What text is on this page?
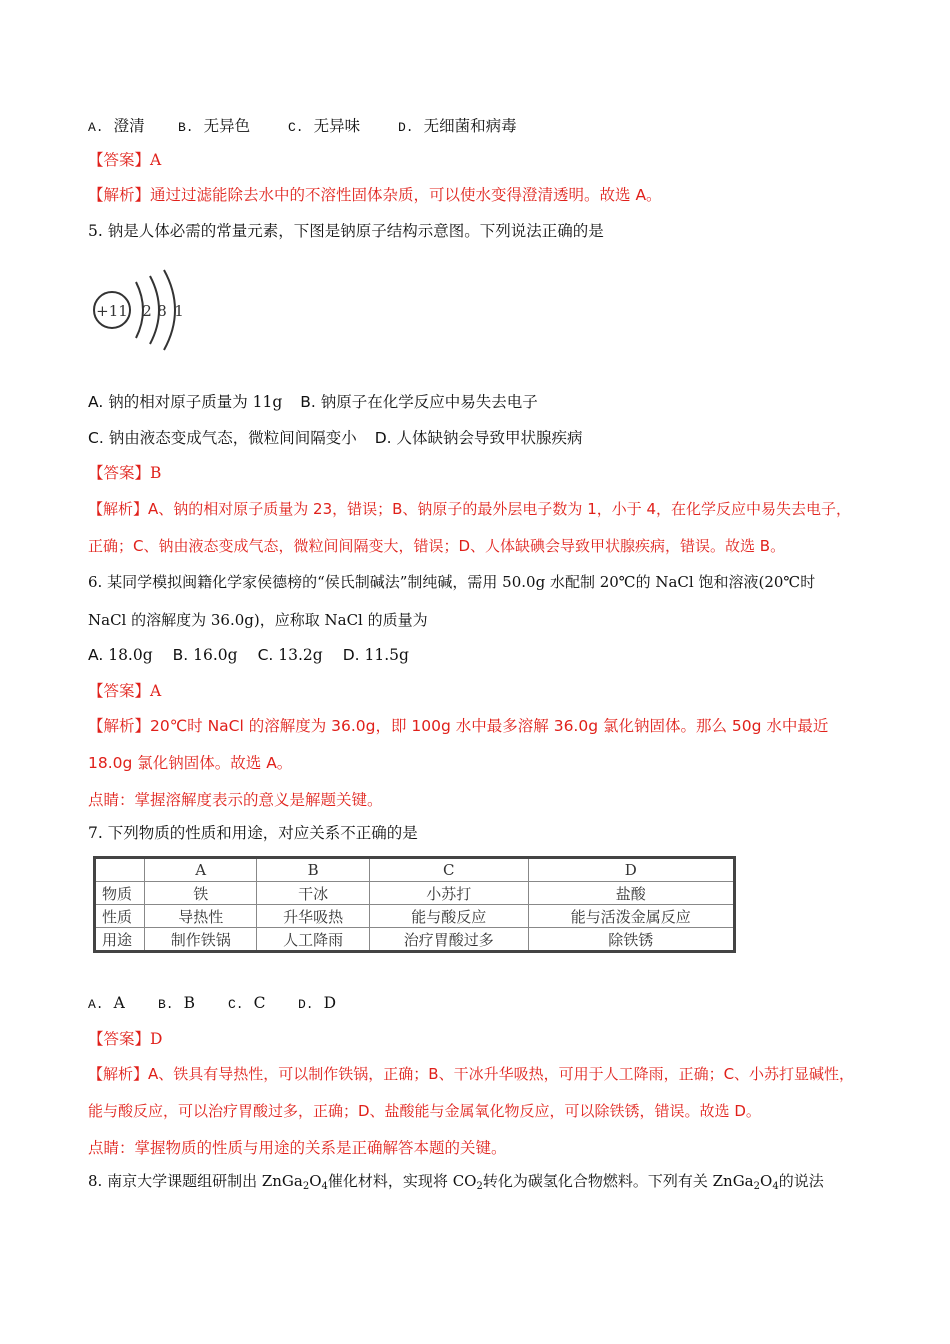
A. 澄清	B. 无异色	C. 无异味	D. 无细菌和病毒
【答案】A
【解析】通过过滤能除去水中的不溶性固体杂质，可以使水变得澄清透明。故选 A。
5. 钠是人体必需的常量元素，下图是钠原子结构示意图。下列说法正确的是
+11 2 8 1
A. 钠的相对原子质量为 11g B. 钠原子在化学反应中易失去电子
C. 钠由液态变成气态，微粒间间隔变小 D. 人体缺钠会导致甲状腺疾病
【答案】B
【解析】A、钠的相对原子质量为 23，错误；B、钠原子的最外层电子数为 1，小于 4，在化学反应中易失去电子，
正确；C、钠由液态变成气态，微粒间间隔变大，错误；D、人体缺碘会导致甲状腺疾病，错误。故选 B。
6. 某同学模拟闽籍化学家侯德榜的“侯氏制碱法”制纯碱，需用 50.0g 水配制 20℃的 NaCl 饱和溶液(20℃时
NaCl 的溶解度为 36.0g)，应称取 NaCl 的质量为
A. 18.0g B. 16.0g C. 13.2g D. 11.5g
【答案】A
【解析】20℃时 NaCl 的溶解度为 36.0g，即 100g 水中最多溶解 36.0g 氯化钠固体。那么 50g 水中最近
18.0g 氯化钠固体。故选 A。
点睛：掌握溶解度表示的意义是解题关键。
7. 下列物质的性质和用途，对应关系不正确的是
	A	B	C	D
物质	铁	干冰	小苏打	盐酸
性质	导热性	升华吸热	能与酸反应	能与活泼金属反应
用途	制作铁锅	人工降雨	治疗胃酸过多	除铁锈
A. A	B. B	C. C	D. D
【答案】D
【解析】A、铁具有导热性，可以制作铁锅，正确；B、干冰升华吸热，可用于人工降雨，正确；C、小苏打显碱性，
能与酸反应，可以治疗胃酸过多，正确；D、盐酸能与金属氧化物反应，可以除铁锈，错误。故选 D。
点睛：掌握物质的性质与用途的关系是正确解答本题的关键。
8. 南京大学课题组研制出 $ZnGa_2O_4$催化材料，实现将 $CO_2$转化为碳氢化合物燃料。下列有关 $ZnGa_2O_4$的说法
